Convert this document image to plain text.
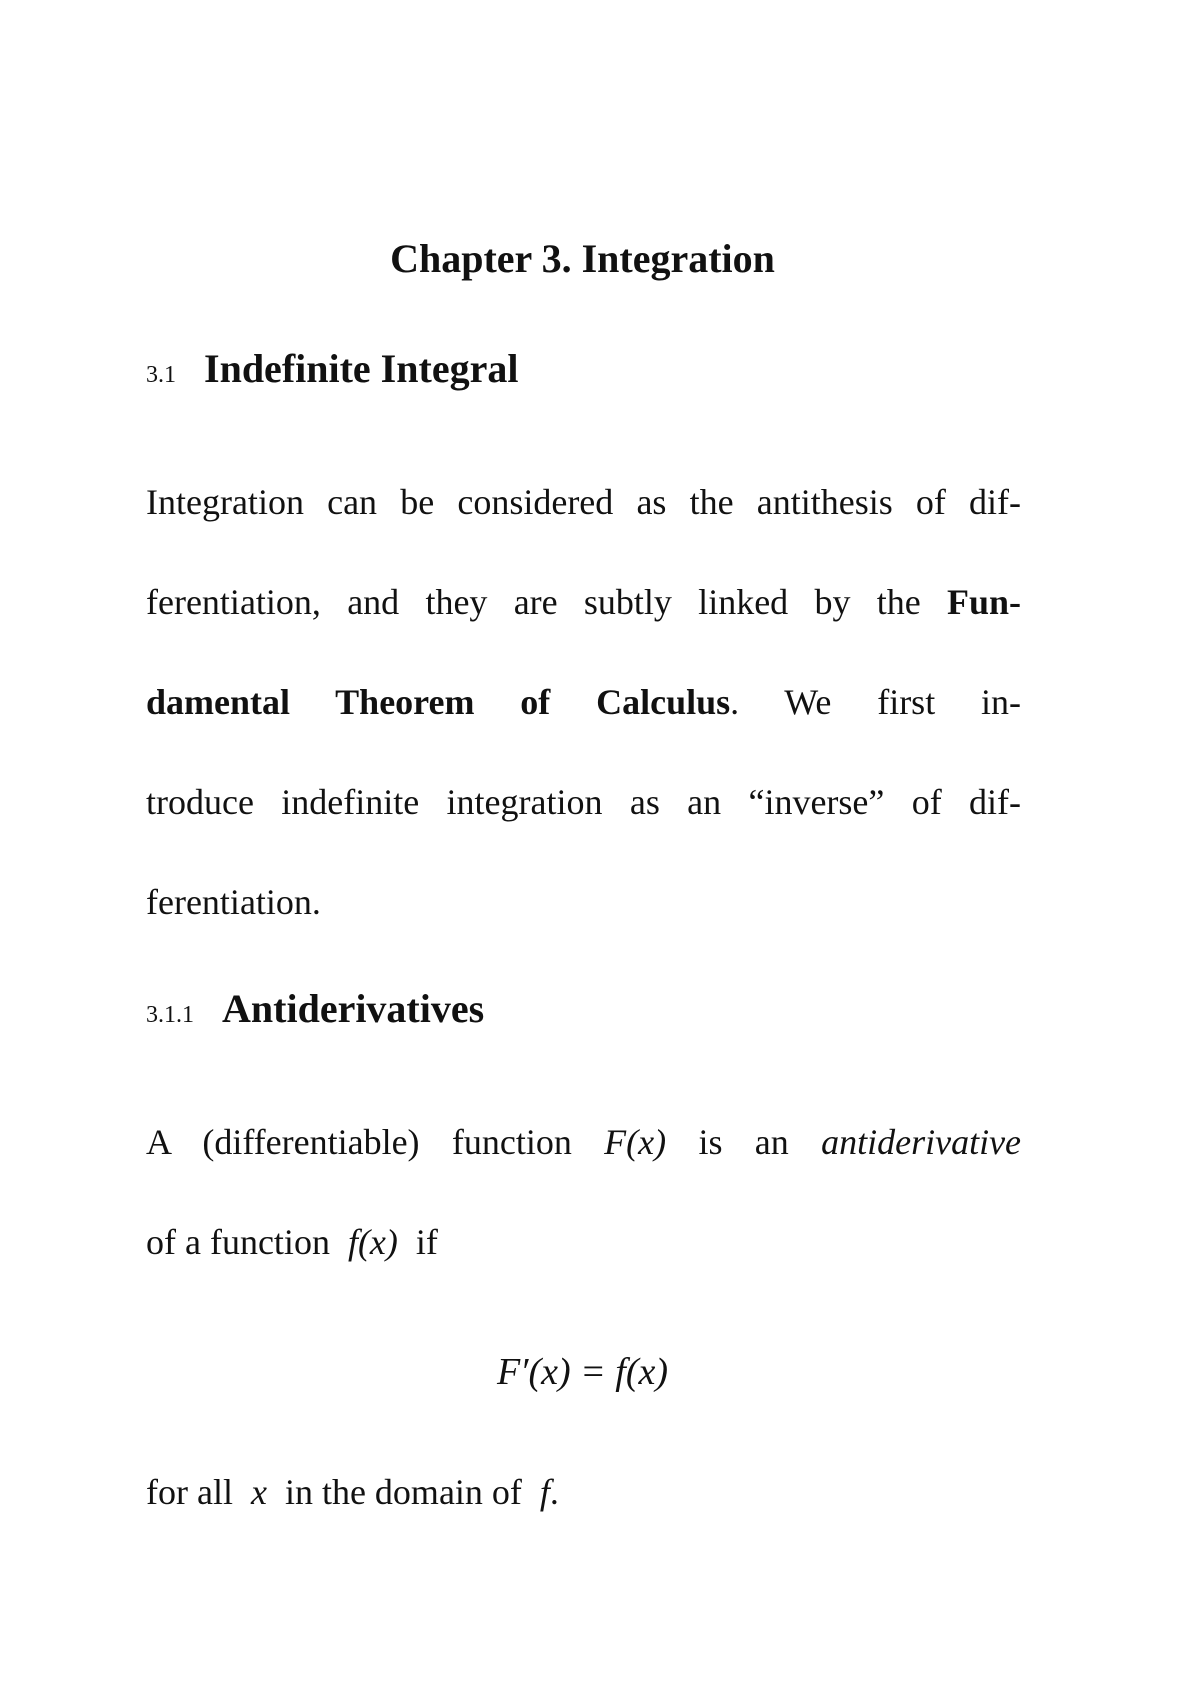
Chapter 3. Integration
3.1 Indefinite Integral

Integration can be considered as the antithesis of dif-

ferentiation, and they are subtly linked by the Fun-

damental Theorem of Calculus. We first in-

troduce indefinite integration as an “inverse” of dif-

ferentiation.

3.1.1 Antiderivatives

A (differentiable) function F(x) is an antiderivative

of a function f(x) if

F′(x) = f(x)

for all x in the domain of f.
